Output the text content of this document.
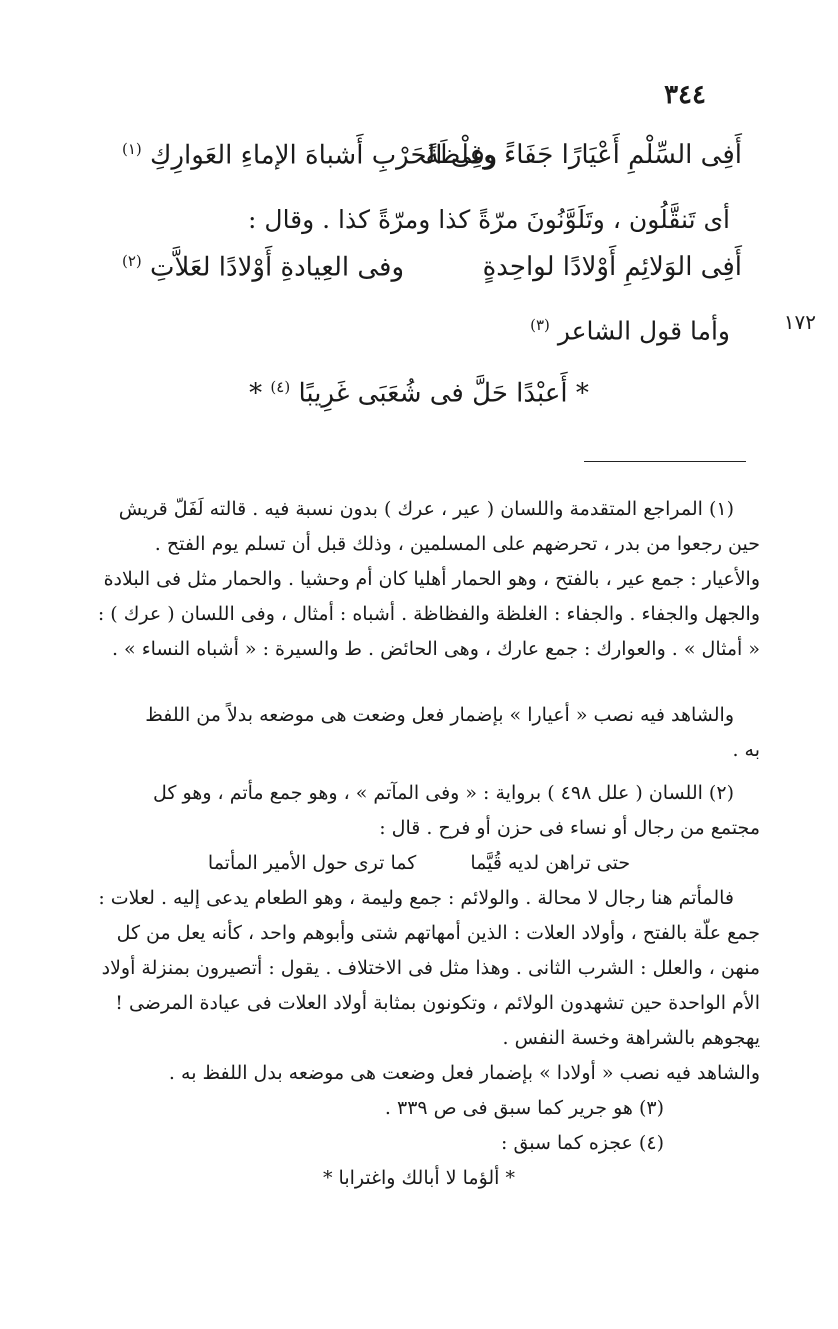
٣٤٤
١٧٢
أَفِى السِّلْمِ أَعْيَارًا جَفَاءً وغِلْظَةً
وفى الحَرْبِ أَشباهَ الإماءِ العَوارِكِ $^{(١)}$
أى تَنقَّلُون ، وتَلَوَّنُونَ مرّةً كذا ومرّةً كذا . وقال :
أَفِى الوَلائِمِ أَوْلادًا لواحِدةٍ
وفى العِيادةِ أَوْلادًا لعَلاَّتِ $^{(٢)}$
وأما قول الشاعر $^{(٣)}$
* أَعبْدًا حَلَّ فى شُعَبَى غَرِيبًا $^{(٤)}$ *

(١) المراجع المتقدمة واللسان ( عير ، عرك ) بدون نسبة فيه . قالته لَفَلّ قريش

حين رجعوا من بدر ، تحرضهم على المسلمين ، وذلك قبل أن تسلم يوم الفتح .

والأعيار : جمع عير ، بالفتح ، وهو الحمار أهليا كان أم وحشيا . والحمار مثل فى البلادة

والجهل والجفاء . والجفاء : الغلظة والفظاظة . أشباه : أمثال ، وفى اللسان ( عرك ) :

« أمثال » . والعوارك : جمع عارك ، وهى الحائض . ط والسيرة : « أشباه النساء » .

والشاهد فيه نصب « أعيارا » بإضمار فعل وضعت هى موضعه بدلاً من اللفظ

به .

(٢) اللسان ( علل ٤٩٨ ) برواية : « وفى المآتم » ، وهو جمع مأتم ، وهو كل

مجتمع من رجال أو نساء فى حزن أو فرح . قال :

حتى تراهن لديه قُيَّما
كما ترى حول الأمير المأتما

فالمأتم هنا رجال لا محالة . والولائم : جمع وليمة ، وهو الطعام يدعى إليه . لعلات :

جمع علّة بالفتح ، وأولاد العلات : الذين أمهاتهم شتى وأبوهم واحد ، كأنه يعل من كل

منهن ، والعلل : الشرب الثانى . وهذا مثل فى الاختلاف . يقول : أتصيرون بمنزلة أولاد

الأم الواحدة حين تشهدون الولائم ، وتكونون بمثابة أولاد العلات فى عيادة المرضى !

يهجوهم بالشراهة وخسة النفس .

والشاهد فيه نصب « أولادا » بإضمار فعل وضعت هى موضعه بدل اللفظ به .

(٣) هو جرير كما سبق فى ص ٣٣٩ .

(٤) عجزه كما سبق :

* ألؤما لا أبالك واغترابا *
